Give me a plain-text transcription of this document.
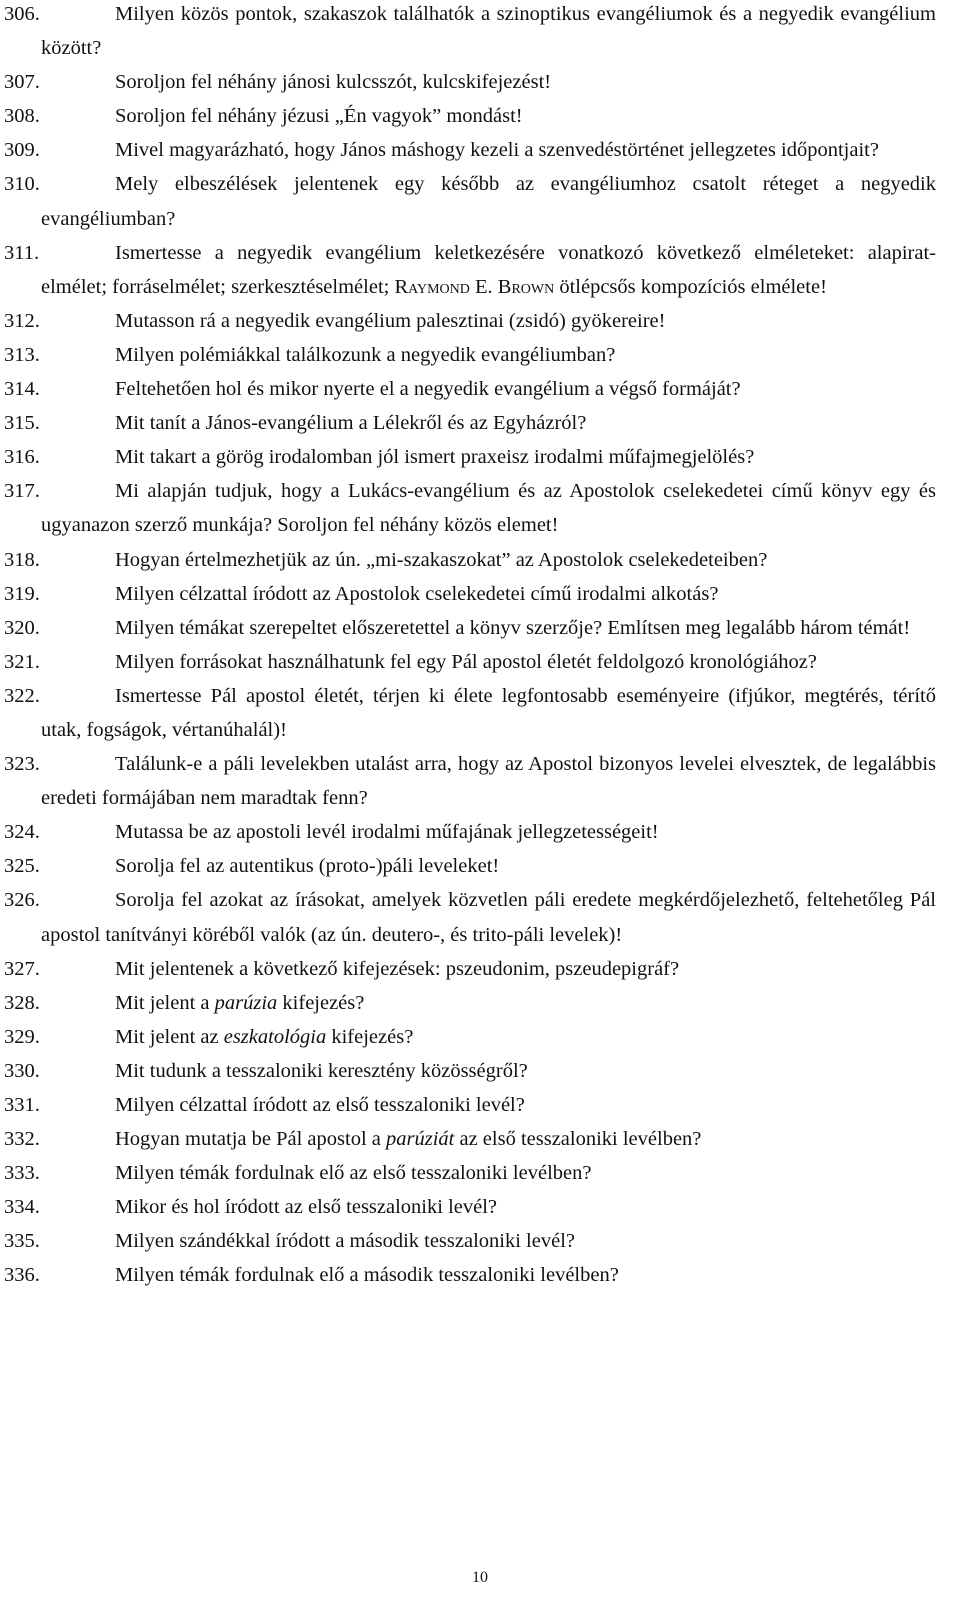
306.	Milyen közös pontok, szakaszok találhatók a szinoptikus evangéliumok és a negyedik evangélium között?
307.	Soroljon fel néhány jánosi kulcsszót, kulcskifejezést!
308.	Soroljon fel néhány jézusi „Én vagyok” mondást!
309.	Mivel magyarázható, hogy János máshogy kezeli a szenvedéstörténet jellegzetes időpontjait?
310.	Mely elbeszélések jelentenek egy később az evangéliumhoz csatolt réteget a negyedik evangéliumban?
311.	Ismertesse a negyedik evangélium keletkezésére vonatkozó következő elméleteket: alapirat-elmélet; forráselmélet; szerkesztéselmélet; Raymond E. Brown ötlépcsős kompozíciós elmélete!
312.	Mutasson rá a negyedik evangélium palesztinai (zsidó) gyökereire!
313.	Milyen polémiákkal találkozunk a negyedik evangéliumban?
314.	Feltehetően hol és mikor nyerte el a negyedik evangélium a végső formáját?
315.	Mit tanít a János-evangélium a Lélekről és az Egyházról?
316.	Mit takart a görög irodalomban jól ismert praxeisz irodalmi műfajmegjelölés?
317.	Mi alapján tudjuk, hogy a Lukács-evangélium és az Apostolok cselekedetei című könyv egy és ugyanazon szerző munkája? Soroljon fel néhány közös elemet!
318.	Hogyan értelmezhetjük az ún. „mi-szakaszokat” az Apostolok cselekedeteiben?
319.	Milyen célzattal íródott az Apostolok cselekedetei című irodalmi alkotás?
320.	Milyen témákat szerepeltet előszeretettel a könyv szerzője? Említsen meg legalább három témát!
321.	Milyen forrásokat használhatunk fel egy Pál apostol életét feldolgozó kronológiához?
322.	Ismertesse Pál apostol életét, térjen ki élete legfontosabb eseményeire (ifjúkor, megtérés, térítő utak, fogságok, vértanúhalál)!
323.	Találunk-e a páli levelekben utalást arra, hogy az Apostol bizonyos levelei elvesztek, de legalábbis eredeti formájában nem maradtak fenn?
324.	Mutassa be az apostoli levél irodalmi műfajának jellegzetességeit!
325.	Sorolja fel az autentikus (proto-)páli leveleket!
326.	Sorolja fel azokat az írásokat, amelyek közvetlen páli eredete megkérdőjelezhető, feltehetőleg Pál apostol tanítványi köréből valók (az ún. deutero-, és trito-páli levelek)!
327.	Mit jelentenek a következő kifejezések: pszeudonim, pszeudepigráf?
328.	Mit jelent a parúzia kifejezés?
329.	Mit jelent az eszkatológia kifejezés?
330.	Mit tudunk a tesszaloniki keresztény közösségről?
331.	Milyen célzattal íródott az első tesszaloniki levél?
332.	Hogyan mutatja be Pál apostol a parúziát az első tesszaloniki levélben?
333.	Milyen témák fordulnak elő az első tesszaloniki levélben?
334.	Mikor és hol íródott az első tesszaloniki levél?
335.	Milyen szándékkal íródott a második tesszaloniki levél?
336.	Milyen témák fordulnak elő a második tesszaloniki levélben?
10
